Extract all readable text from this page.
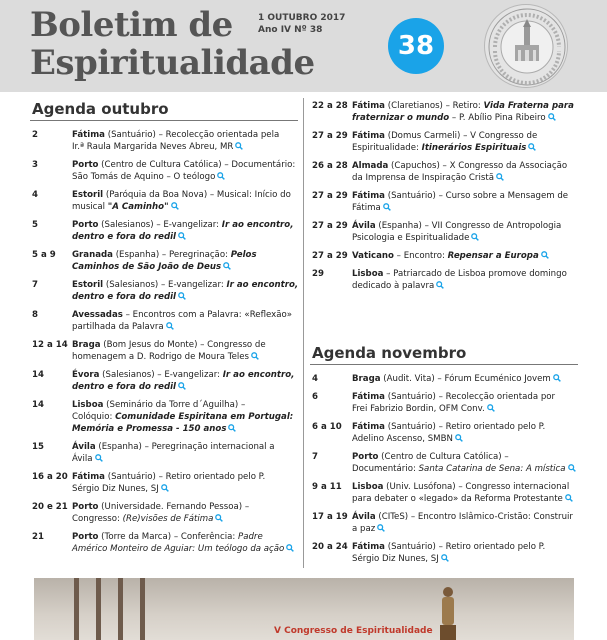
Boletim de
Espiritualidade
1 OUTUBRO 2017
Ano IV Nº 38
38
Agenda outubro
Agenda novembro
2	Fátima (Santuário) – Recolecção orientada pela
Ir.ª Raula Margarida Neves Abreu, MR
3	Porto (Centro de Cultura Católica) – Documentário:
São Tomás de Aquino – O teólogo
4	Estoril (Paróquia da Boa Nova) – Musical: Início do
musical "A Caminho"
5	Porto (Salesianos) – E-vangelizar: Ir ao encontro,
dentro e fora do redil
5 a 9 Granada (Espanha) – Peregrinação: Pelos
Caminhos de São João de Deus
7	Estoril (Salesianos) – E-vangelizar: Ir ao encontro,
dentro e fora do redil
8	Avessadas – Encontros com a Palavra: «Reflexão»
partilhada da Palavra
12 a 14 Braga (Bom Jesus do Monte) – Congresso de
homenagem a D. Rodrigo de Moura Teles
14	Évora (Salesianos) – E-vangelizar: Ir ao encontro,
dentro e fora do redil
14	Lisboa (Seminário da Torre d´Aguilha) –
Colóquio: Comunidade Espiritana em Portugal:
Memória e Promessa - 150 anos
15	Ávila (Espanha) – Peregrinação internacional a
Ávila
16 a 20 Fátima (Santuário) – Retiro orientado pelo P.
Sérgio Diz Nunes, SJ
20 e 21 Porto (Universidade. Fernando Pessoa) –
Congresso: (Re)visões de Fátima
21	Porto (Torre da Marca) – Conferência: Padre
Américo Monteiro de Aguiar: Um teólogo da ação
22 a 28 Fátima (Claretianos) – Retiro: Vida Fraterna para
fraternizar o mundo – P. Abílio Pina Ribeiro
27 a 29 Fátima (Domus Carmeli) – V Congresso de
Espiritualidade: Itinerários Espirituais
26 a 28 Almada (Capuchos) – X Congresso da Associação
da Imprensa de Inspiração Cristã
27 a 29 Fátima (Santuário) – Curso sobre a Mensagem de
Fátima
27 a 29 Ávila (Espanha) – VII Congresso de Antropologia
Psicologia e Espiritualidade
27 a 29 Vaticano – Encontro: Repensar a Europa
29	Lisboa – Patriarcado de Lisboa promove domingo
dedicado à palavra
4	Braga (Audit. Vita) – Fórum Ecuménico Jovem
6	Fátima (Santuário) – Recolecção orientada por
Frei Fabrizio Bordin, OFM Conv.
6 a 10 Fátima (Santuário) – Retiro orientado pelo P.
Adelino Ascenso, SMBN
7	Porto (Centro de Cultura Católica) –
Documentário: Santa Catarina de Sena: A mística
9 a 11 Lisboa (Univ. Lusófona) – Congresso internacional
para debater o «legado» da Reforma Protestante
17 a 19 Ávila (CITeS) – Encontro Islâmico-Cristão: Construir
a paz
20 a 24 Fátima (Santuário) – Retiro orientado pelo P.
Sérgio Diz Nunes, SJ
V Congresso de Espiritualidade
